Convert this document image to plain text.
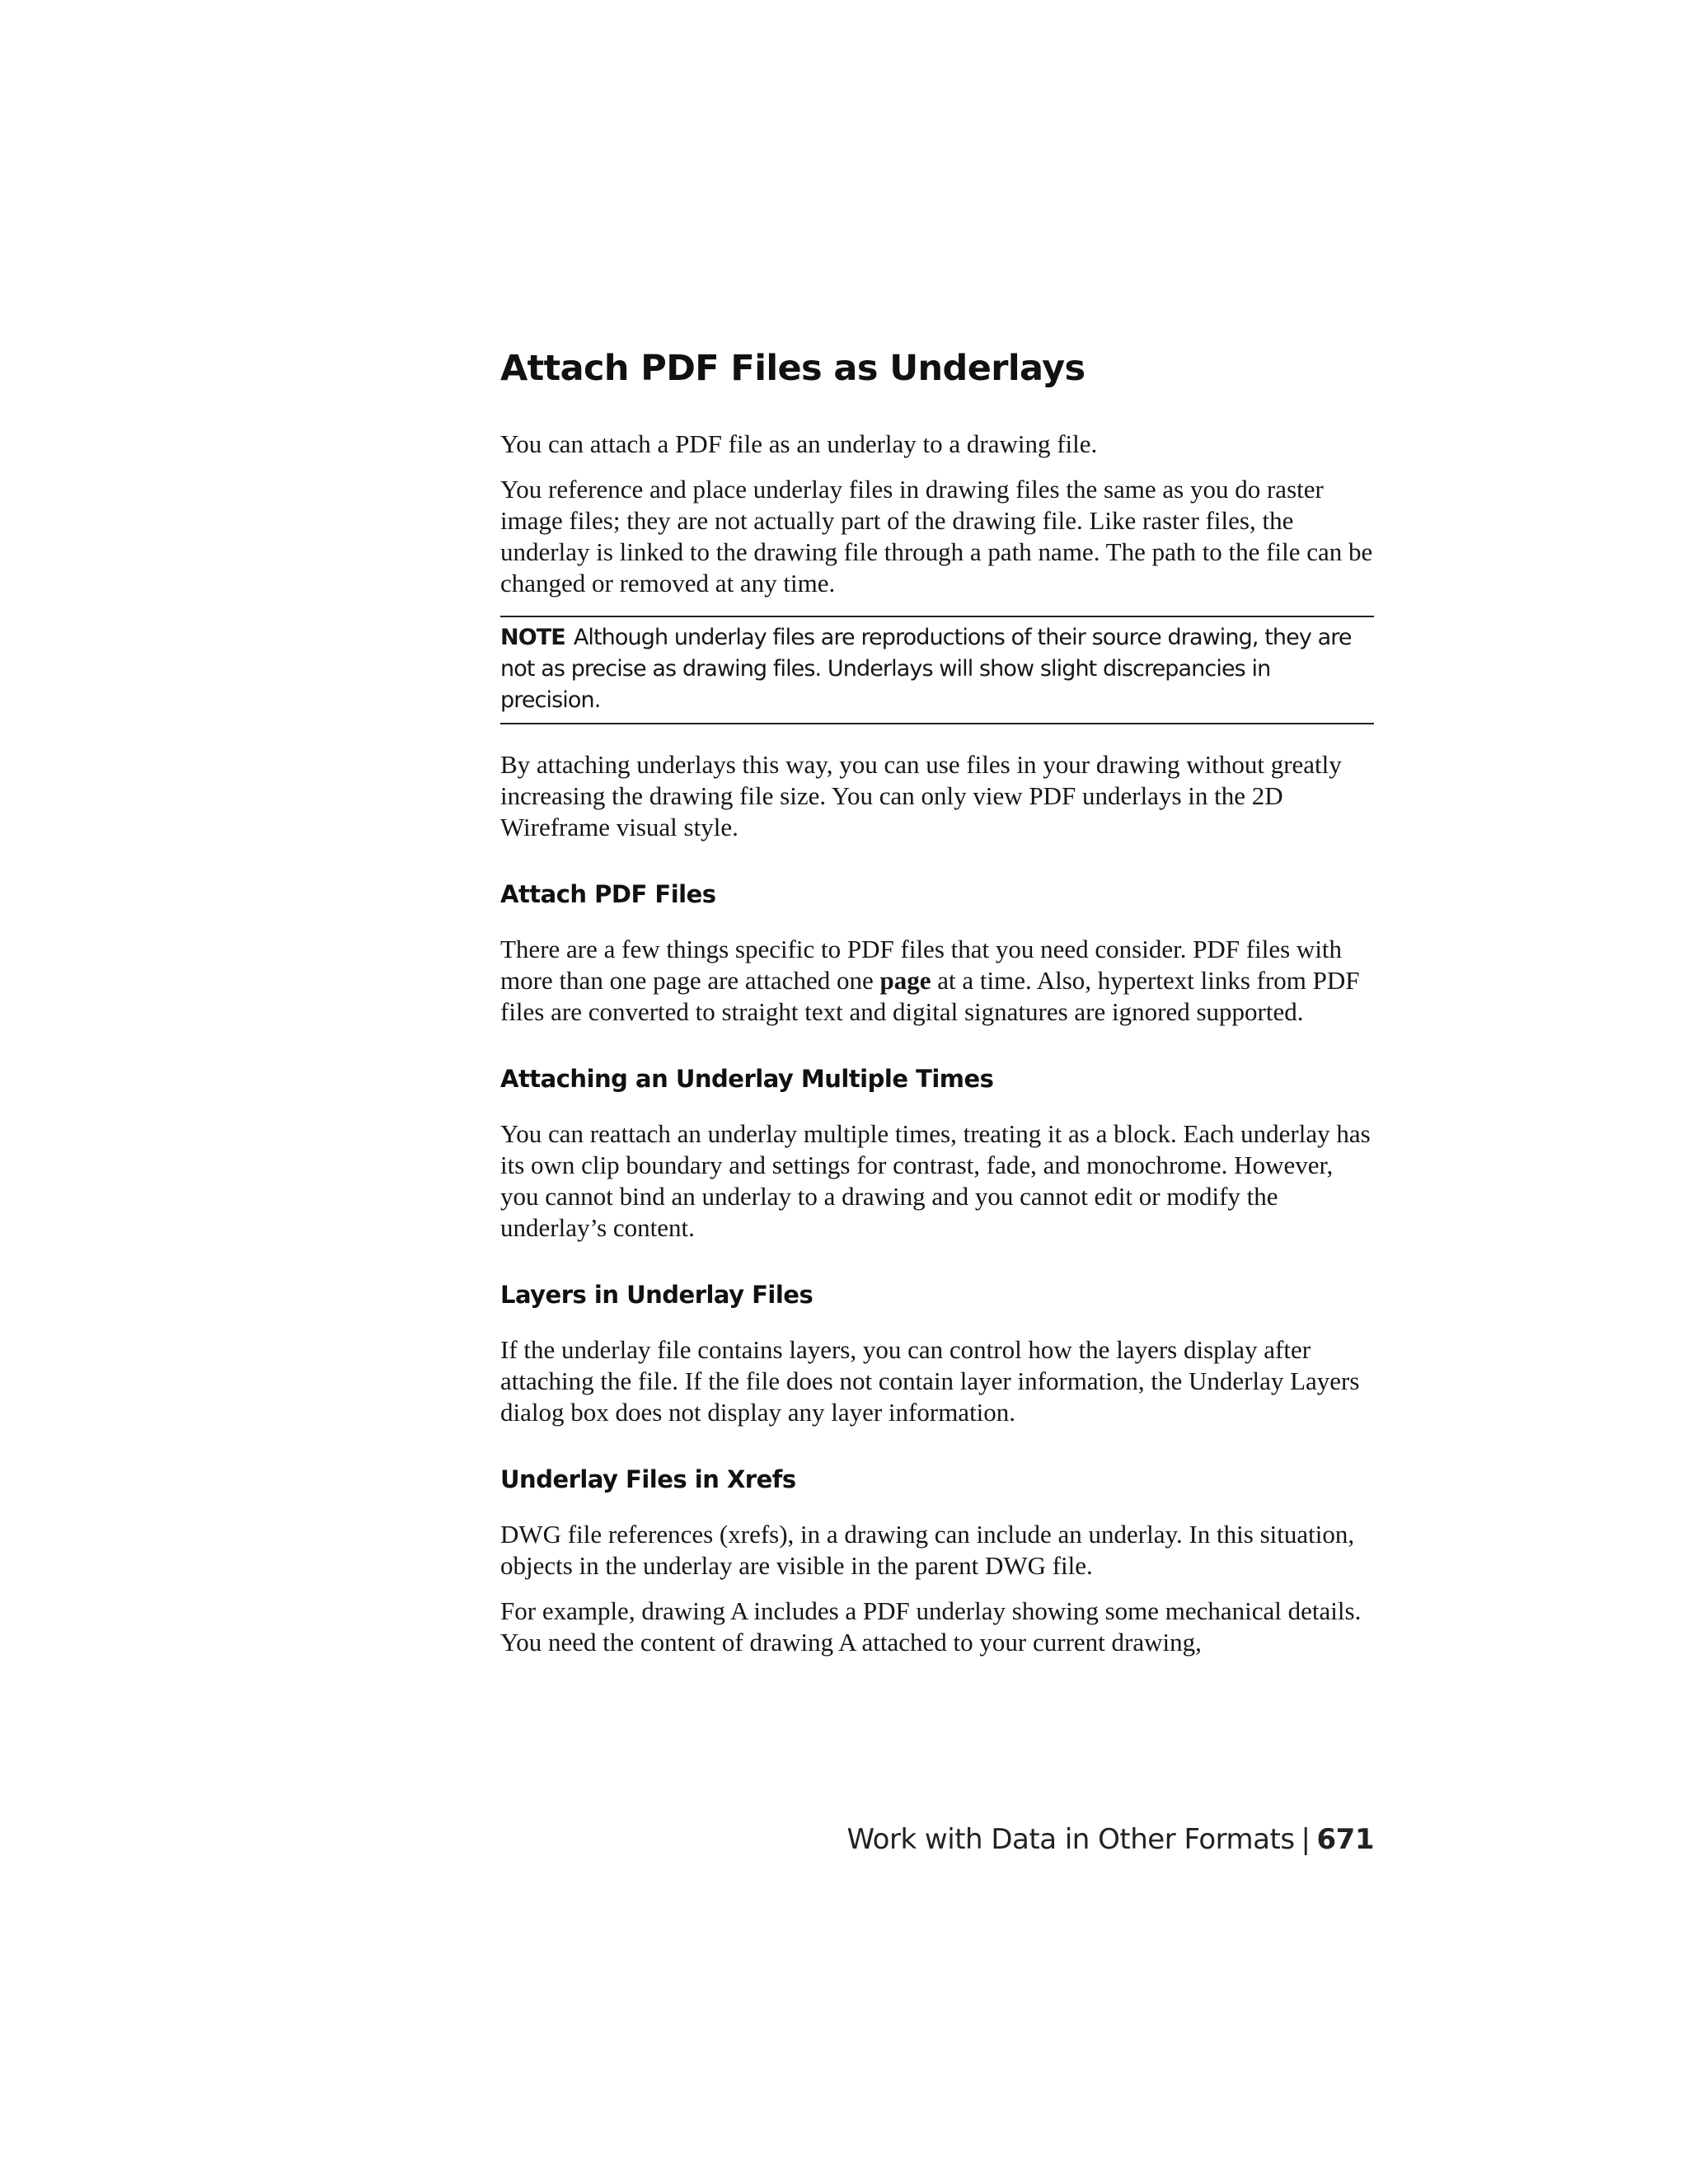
Attach PDF Files as Underlays

You can attach a PDF file as an underlay to a drawing file.

You reference and place underlay files in drawing files the same as you do raster image files; they are not actually part of the drawing file. Like raster files, the underlay is linked to the drawing file through a path name. The path to the file can be changed or removed at any time.

NOTE Although underlay files are reproductions of their source drawing, they are not as precise as drawing files. Underlays will show slight discrepancies in precision.

By attaching underlays this way, you can use files in your drawing without greatly increasing the drawing file size. You can only view PDF underlays in the 2D Wireframe visual style.

Attach PDF Files

There are a few things specific to PDF files that you need consider. PDF files with more than one page are attached one page at a time. Also, hypertext links from PDF files are converted to straight text and digital signatures are ignored supported.

Attaching an Underlay Multiple Times

You can reattach an underlay multiple times, treating it as a block. Each underlay has its own clip boundary and settings for contrast, fade, and monochrome. However, you cannot bind an underlay to a drawing and you cannot edit or modify the underlay’s content.

Layers in Underlay Files

If the underlay file contains layers, you can control how the layers display after attaching the file. If the file does not contain layer information, the Underlay Layers dialog box does not display any layer information.

Underlay Files in Xrefs

DWG file references (xrefs), in a drawing can include an underlay. In this situation, objects in the underlay are visible in the parent DWG file.

For example, drawing A includes a PDF underlay showing some mechanical details. You need the content of drawing A attached to your current drawing,

Work with Data in Other Formats | 671
